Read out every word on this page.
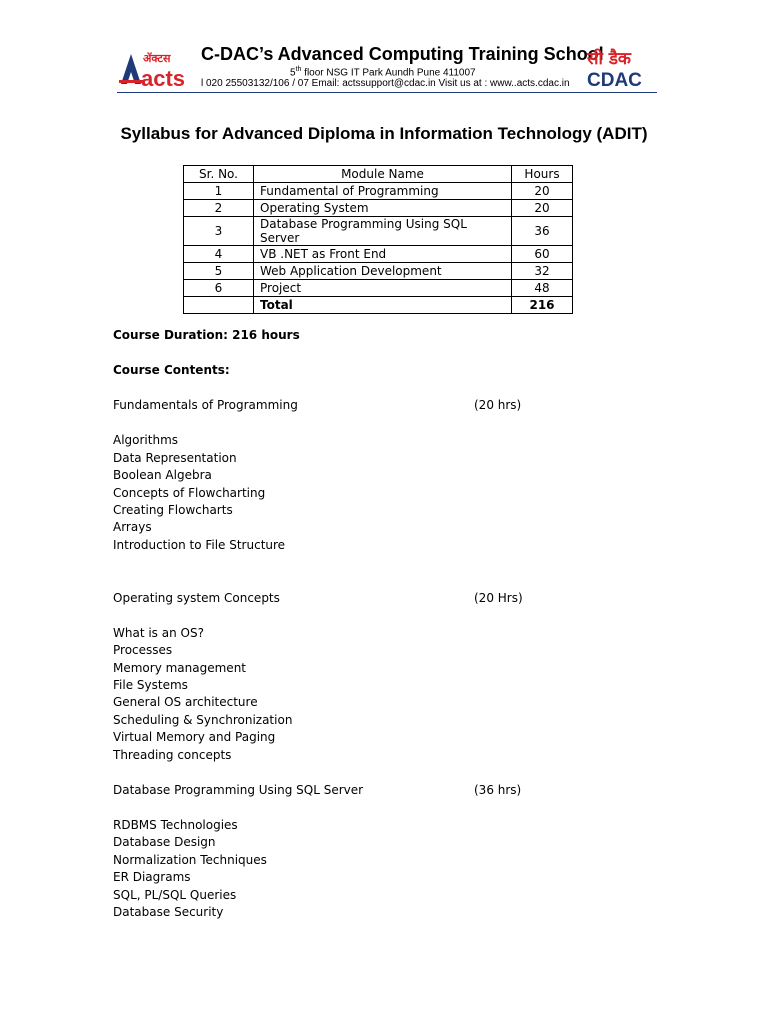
ॲक्टस
acts
C-DAC’s Advanced Computing Training School
5th floor NSG IT Park Aundh Pune 411007
l 020 25503132/106 / 07 Email: actssupport@cdac.in Visit us at : www..acts.cdac.in
सी डैक
CDAC
Syllabus for Advanced Diploma in Information Technology (ADIT)
Sr. No.	Module Name	Hours
1	Fundamental of Programming	20
2	Operating System	20
3	Database Programming Using SQL Server	36
4	VB .NET as Front End	60
5	Web Application Development	32
6	Project	48
	Total	216
Course Duration: 216 hours
Course Contents:
Fundamentals of Programming	(20 hrs)
Algorithms
Data Representation
Boolean Algebra
Concepts of Flowcharting
Creating Flowcharts
Arrays
Introduction to File Structure
Operating system Concepts	(20 Hrs)
What is an OS?
Processes
Memory management
File Systems
General OS architecture
Scheduling & Synchronization
Virtual Memory and Paging
Threading concepts
Database Programming Using SQL Server	(36 hrs)
RDBMS Technologies
Database Design
Normalization Techniques
ER Diagrams
SQL, PL/SQL Queries
Database Security
